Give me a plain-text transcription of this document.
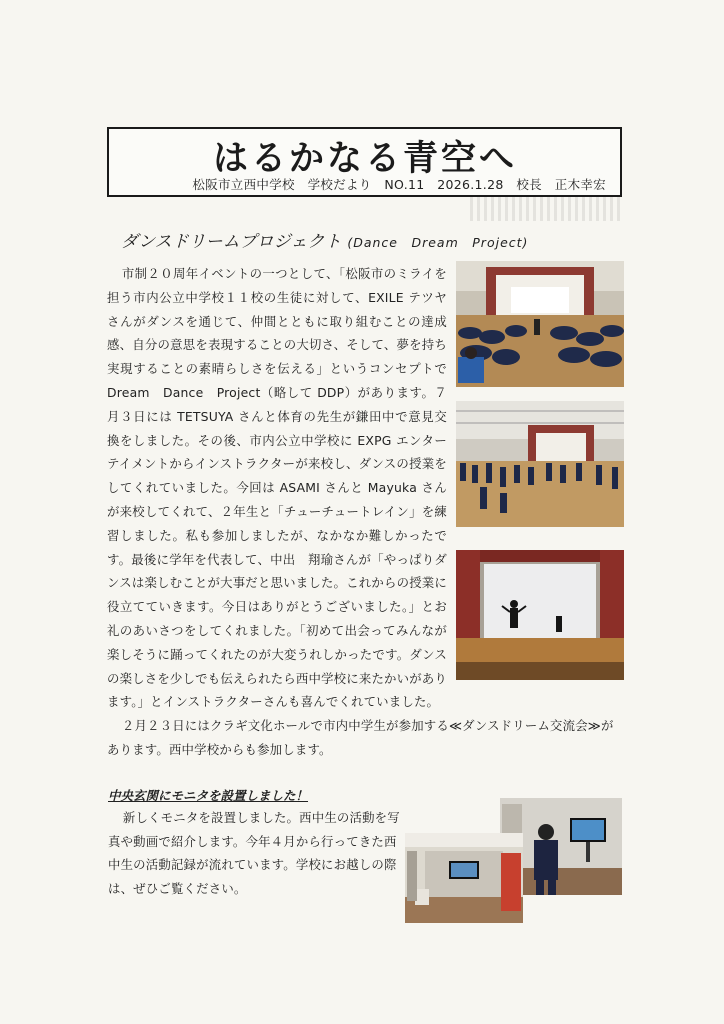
はるかなる青空へ
松阪市立西中学校　学校だより　NO.11　2026.1.28　校長　正木幸宏
ダンスドリームプロジェクト (Dance　Dream　Project)

市制２０周年イベントの一つとして、「松阪市のミライを担う市内公立中学校１１校の生徒に対して、EXILE テツヤさんがダンスを通じて、仲間とともに取り組むことの達成感、自分の意思を表現することの大切さ、そして、夢を持ち実現することの素晴らしさを伝える」というコンセプトで Dream　Dance　Project（略して DDP）があります。７月３日には TETSUYA さんと体育の先生が鎌田中で意見交換をしました。その後、市内公立中学校に EXPG エンターテイメントからインストラクターが来校し、ダンスの授業をしてくれていました。今回は ASAMI さんと Mayuka さんが来校してくれて、２年生と「チューチュートレイン」を練習しました。私も参加しましたが、なかなか難しかったです。最後に学年を代表して、中出　翔瑜さんが「やっぱりダンスは楽しむことが大事だと思いました。これからの授業に役立てていきます。今日はありがとうございました。」とお礼のあいさつをしてくれました。「初めて出会ってみんなが楽しそうに踊ってくれたのが大変うれしかったです。ダンスの楽しさを少しでも伝えられたら西中学校に来たかいがあります。」とインストラクターさんも喜んでくれていました。

２月２３日にはクラギ文化ホールで市内中学生が参加する≪ダンスドリーム交流会≫があります。西中学校からも参加します。

中央玄関にモニタを設置しました！

新しくモニタを設置しました。西中生の活動を写真や動画で紹介します。今年４月から行ってきた西中生の活動記録が流れています。学校にお越しの際は、ぜひご覧ください。
